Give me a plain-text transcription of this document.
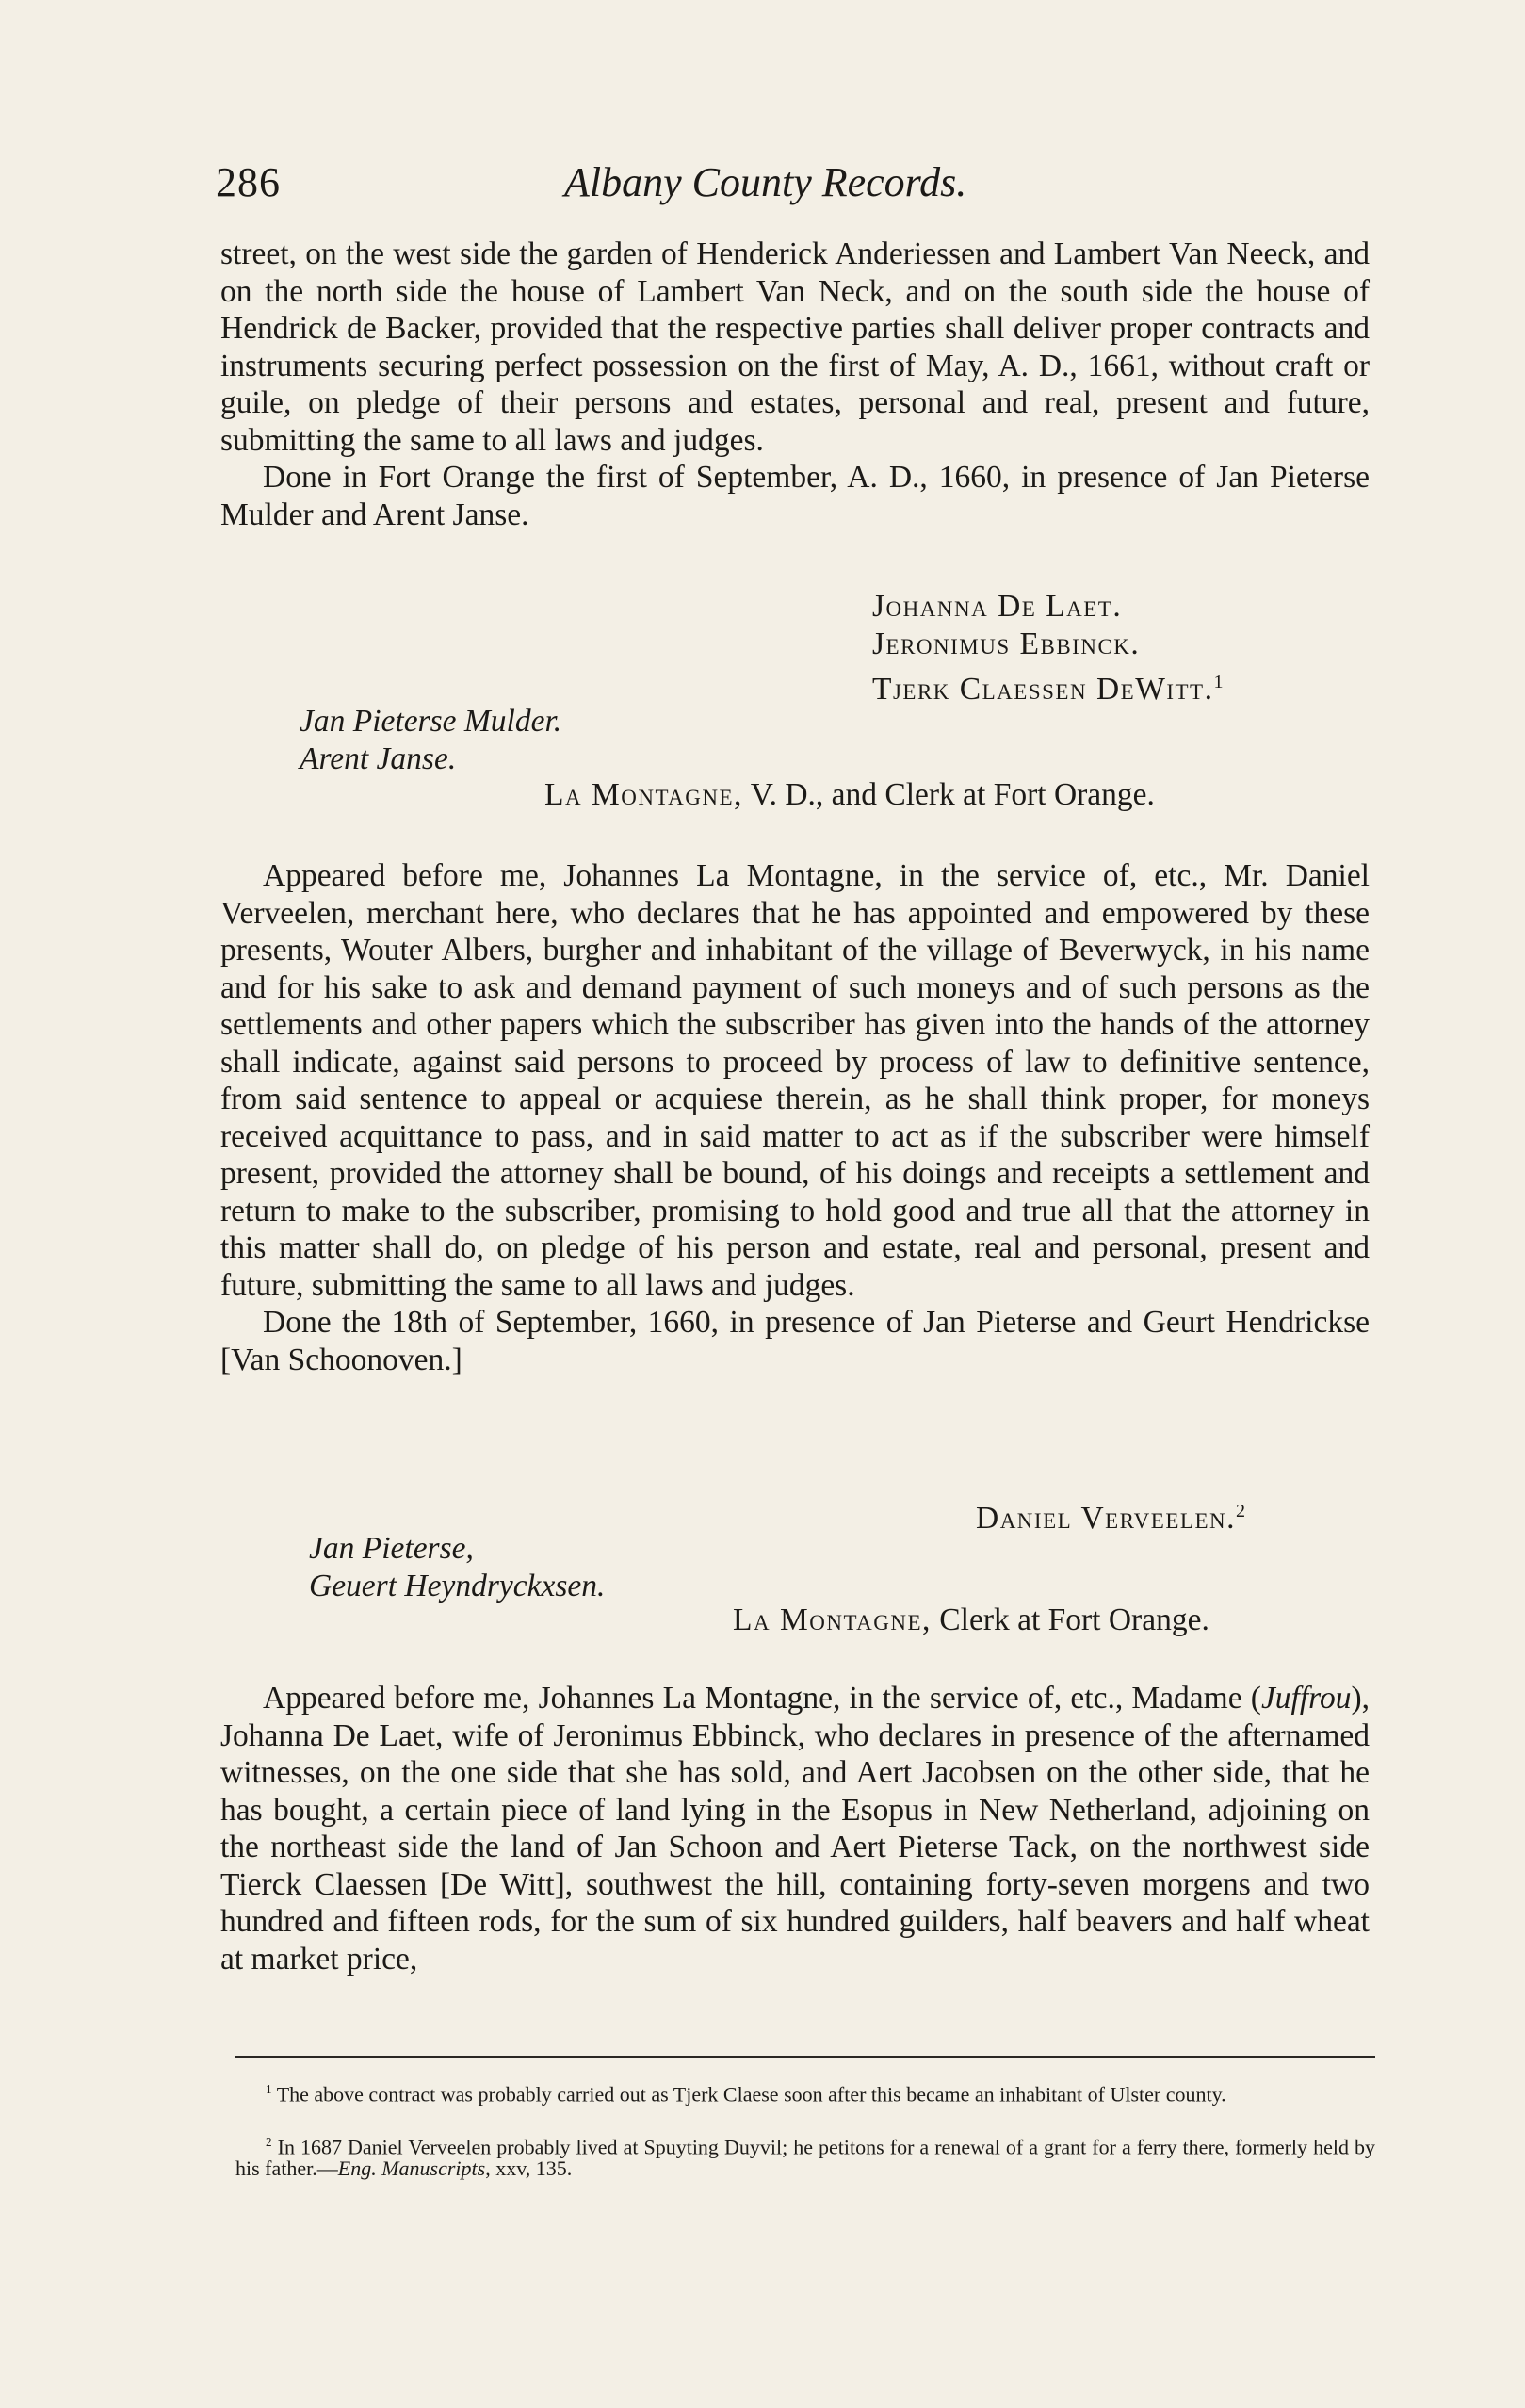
286	Albany County Records.

street, on the west side the garden of Henderick Anderiessen and Lambert Van Neeck, and on the north side the house of Lambert Van Neck, and on the south side the house of Hendrick de Backer, provided that the respective parties shall deliver proper contracts and instruments securing perfect possession on the first of May, A. D., 1661, without craft or guile, on pledge of their persons and estates, personal and real, present and future, submitting the same to all laws and judges.

Done in Fort Orange the first of September, A. D., 1660, in presence of Jan Pieterse Mulder and Arent Janse.

Johanna De Laet.
Jeronimus Ebbinck.
Tjerk Claessen DeWitt.$^1$
Jan Pieterse Mulder.
Arent Janse.
La Montagne, V. D., and Clerk at Fort Orange.

Appeared before me, Johannes La Montagne, in the service of, etc., Mr. Daniel Verveelen, merchant here, who declares that he has appointed and empowered by these presents, Wouter Albers, burgher and inhabitant of the village of Beverwyck, in his name and for his sake to ask and demand payment of such moneys and of such persons as the settlements and other papers which the subscriber has given into the hands of the attorney shall indicate, against said persons to proceed by process of law to definitive sentence, from said sentence to appeal or acquiese therein, as he shall think proper, for moneys received acquittance to pass, and in said matter to act as if the subscriber were himself present, provided the attorney shall be bound, of his doings and receipts a settlement and return to make to the subscriber, promising to hold good and true all that the attorney in this matter shall do, on pledge of his person and estate, real and personal, present and future, submitting the same to all laws and judges.

Done the 18th of September, 1660, in presence of Jan Pieterse and Geurt Hendrickse [Van Schoonoven.]

Daniel Verveelen.$^2$
Jan Pieterse,
Geuert Heyndryckxsen.
La Montagne, Clerk at Fort Orange.

Appeared before me, Johannes La Montagne, in the service of, etc., Madame (Juffrou), Johanna De Laet, wife of Jeronimus Ebbinck, who declares in presence of the afternamed witnesses, on the one side that she has sold, and Aert Jacobsen on the other side, that he has bought, a certain piece of land lying in the Esopus in New Netherland, adjoining on the northeast side the land of Jan Schoon and Aert Pieterse Tack, on the northwest side Tierck Claessen [De Witt], southwest the hill, containing forty-seven morgens and two hundred and fifteen rods, for the sum of six hundred guilders, half beavers and half wheat at market price,

$^1$ The above contract was probably carried out as Tjerk Claese soon after this became an inhabitant of Ulster county.

$^2$ In 1687 Daniel Verveelen probably lived at Spuyting Duyvil; he petitons for a renewal of a grant for a ferry there, formerly held by his father.—Eng. Manuscripts, xxv, 135.
